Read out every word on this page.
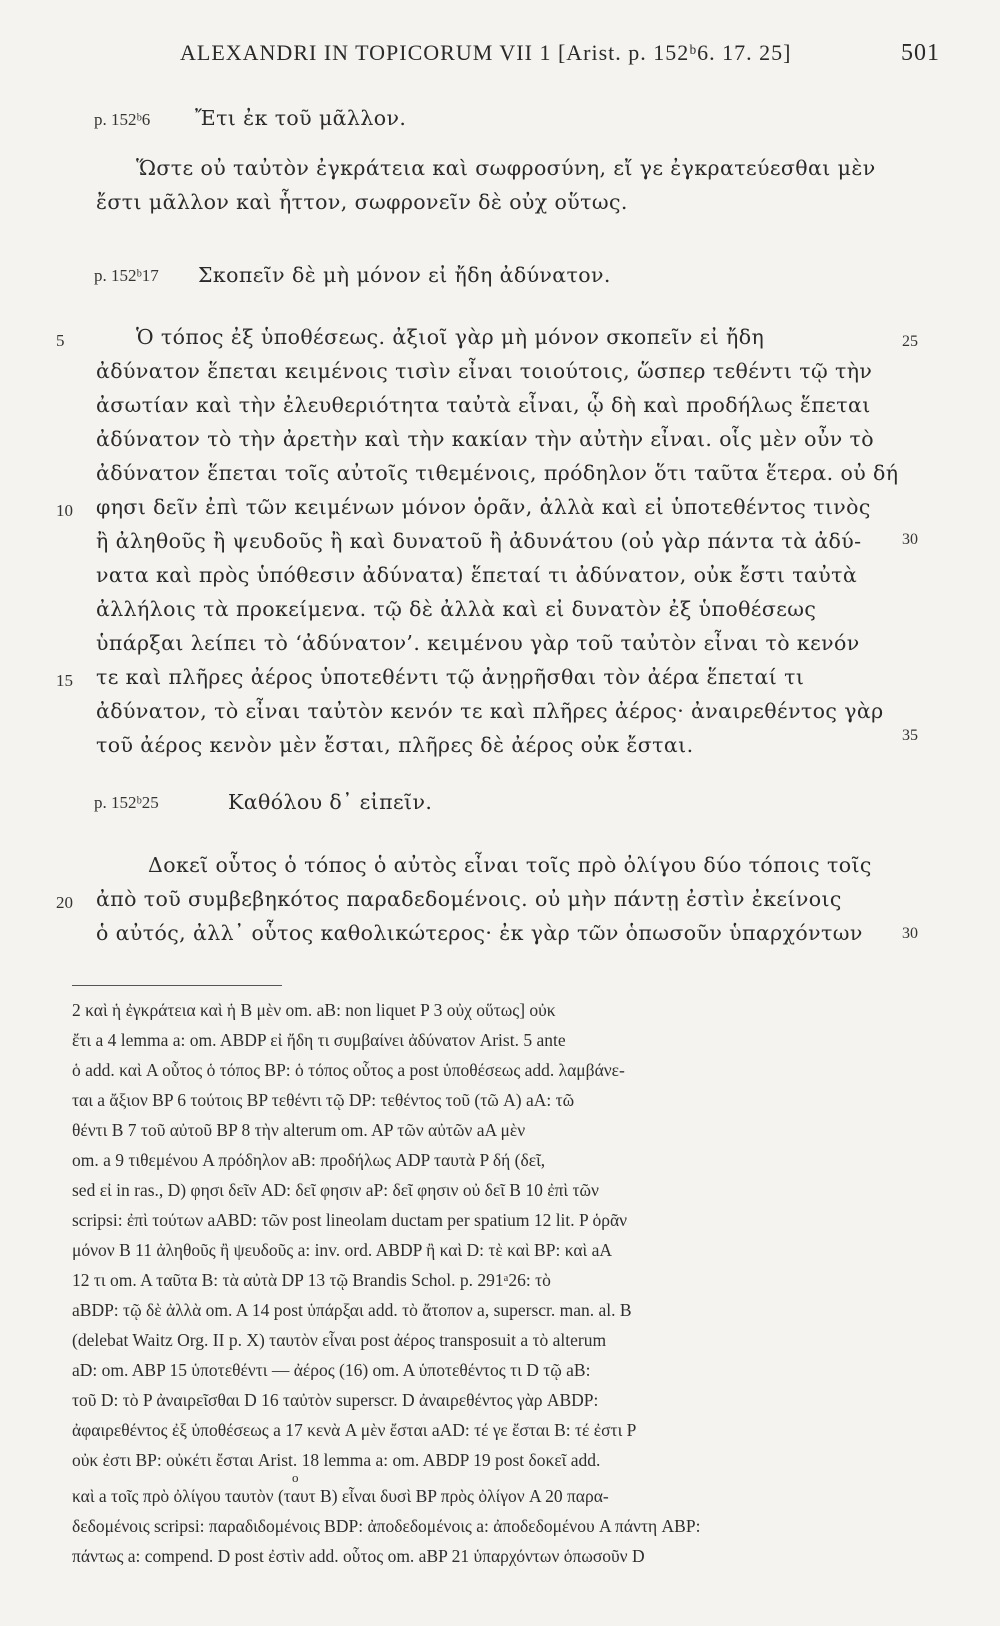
ALEXANDRI IN TOPICORUM VII 1 [Arist. p. 152ᵇ6. 17. 25]	501
p. 152ᵇ6
p. 152ᵇ17
p. 152ᵇ25
Ἔτι ἐκ τοῦ μᾶλλον.
Ὥστε οὐ ταὐτὸν ἐγκράτεια καὶ σωφροσύνη, εἴ γε ἐγκρατεύεσθαι μὲν
ἔστι μᾶλλον καὶ ἧττον, σωφρονεῖν δὲ οὐχ οὕτως.
Σκοπεῖν δὲ μὴ μόνον εἰ ἤδη ἀδύνατον.
Ὁ τόπος ἐξ ὑποθέσεως. ἀξιοῖ γὰρ μὴ μόνον σκοπεῖν εἰ ἤδη
ἀδύνατον ἕπεται κειμένοις τισὶν εἶναι τοιούτοις, ὥσπερ τεθέντι τῷ τὴν
ἀσωτίαν καὶ τὴν ἐλευθεριότητα ταὐτὰ εἶναι, ᾧ δὴ καὶ προδήλως ἕπεται
ἀδύνατον τὸ τὴν ἀρετὴν καὶ τὴν κακίαν τὴν αὐτὴν εἶναι. οἷς μὲν οὖν τὸ
ἀδύνατον ἕπεται τοῖς αὐτοῖς τιθεμένοις, πρόδηλον ὅτι ταῦτα ἕτερα. οὐ δή
φησι δεῖν ἐπὶ τῶν κειμένων μόνον ὁρᾶν, ἀλλὰ καὶ εἰ ὑποτεθέντος τινὸς
ἢ ἀληθοῦς ἢ ψευδοῦς ἢ καὶ δυνατοῦ ἢ ἀδυνάτου (οὐ γὰρ πάντα τὰ ἀδύ-
νατα καὶ πρὸς ὑπόθεσιν ἀδύνατα) ἕπεταί τι ἀδύνατον, οὐκ ἔστι ταὐτὰ
ἀλλήλοις τὰ προκείμενα. τῷ δὲ ἀλλὰ καὶ εἰ δυνατὸν ἐξ ὑποθέσεως
ὑπάρξαι λείπει τὸ ‘ἀδύνατον’. κειμένου γὰρ τοῦ ταὐτὸν εἶναι τὸ κενόν
τε καὶ πλῆρες ἀέρος ὑποτεθέντι τῷ ἀνῃρῆσθαι τὸν ἀέρα ἕπεταί τι
ἀδύνατον, τὸ εἶναι ταὐτὸν κενόν τε καὶ πλῆρες ἀέρος· ἀναιρεθέντος γὰρ
τοῦ ἀέρος κενὸν μὲν ἔσται, πλῆρες δὲ ἀέρος οὐκ ἔσται.
Καθόλου δ᾽ εἰπεῖν.
Δοκεῖ οὗτος ὁ τόπος ὁ αὐτὸς εἶναι τοῖς πρὸ ὀλίγου δύο τόποις τοῖς
ἀπὸ τοῦ συμβεβηκότος παραδεδομένοις. οὐ μὴν πάντῃ ἐστὶν ἐκείνοις
ὁ αὐτός, ἀλλ᾽ οὗτος καθολικώτερος· ἐκ γὰρ τῶν ὁπωσοῦν ὑπαρχόντων
5
10
15
20
25
30
35
30
2 καὶ ἡ ἐγκράτεια καὶ ἡ B μὲν om. aB: non liquet P 3 οὐχ οὕτως] οὐκ
ἔτι a 4 lemma a: om. ABDP εἰ ἤδη τι συμβαίνει ἀδύνατον Arist. 5 ante
ὁ add. καὶ A οὗτος ὁ τόπος BP: ὁ τόπος οὗτος a post ὑποθέσεως add. λαμβάνε-
ται a ἄξιον BP 6 τούτοις BP τεθέντι τῷ DP: τεθέντος τοῦ (τῶ A) aA: τῶ
θέντι B 7 τοῦ αὐτοῦ BP 8 τὴν alterum om. AP τῶν αὐτῶν aA μὲν
om. a 9 τιθεμένου A πρόδηλον aB: προδήλως ADP ταυτὰ P δή (δεῖ,
sed εἰ in ras., D) φησι δεῖν AD: δεῖ φησιν aP: δεῖ φησιν οὐ δεῖ B 10 ἐπὶ τῶν
scripsi: ἐπὶ τούτων aABD: τῶν post lineolam ductam per spatium 12 lit. P ὁρᾶν
μόνον B 11 ἀληθοῦς ἢ ψευδοῦς a: inv. ord. ABDP ἢ καὶ D: τὲ καὶ BP: καὶ aA
12 τι om. A ταῦτα B: τὰ αὐτὰ DP 13 τῷ Brandis Schol. p. 291ᵃ26: τὸ
aBDP: τῷ δὲ ἀλλὰ om. A 14 post ὑπάρξαι add. τὸ ἄτοπον a, superscr. man. al. B
(delebat Waitz Org. II p. X) ταυτὸν εἶναι post ἀέρος transposuit a τὸ alterum
aD: om. ABP 15 ὑποτεθέντι — ἀέρος (16) om. A ὑποτεθέντος τι D τῷ aB:
τοῦ D: τὸ P ἀναιρεῖσθαι D 16 ταὐτὸν superscr. D ἀναιρεθέντος γὰρ ABDP:
ἀφαιρεθέντος ἐξ ὑποθέσεως a 17 κενὰ A μὲν ἔσται aAD: τέ γε ἔσται B: τέ ἐστι P
οὐκ ἐστι BP: οὐκέτι ἔσται Arist. 18 lemma a: om. ABDP 19 post δοκεῖ add.
o
καὶ a τοῖς πρὸ ὀλίγου ταυτὸν (ταυτ B) εἶναι δυσὶ BP πρὸς ὀλίγον A 20 παρα-
δεδομένοις scripsi: παραδιδομένοις BDP: ἀποδεδομένοις a: ἀποδεδομένου A πάντη ABP:
πάντως a: compend. D post ἐστὶν add. οὗτος om. aBP 21 ὑπαρχόντων ὁπωσοῦν D
